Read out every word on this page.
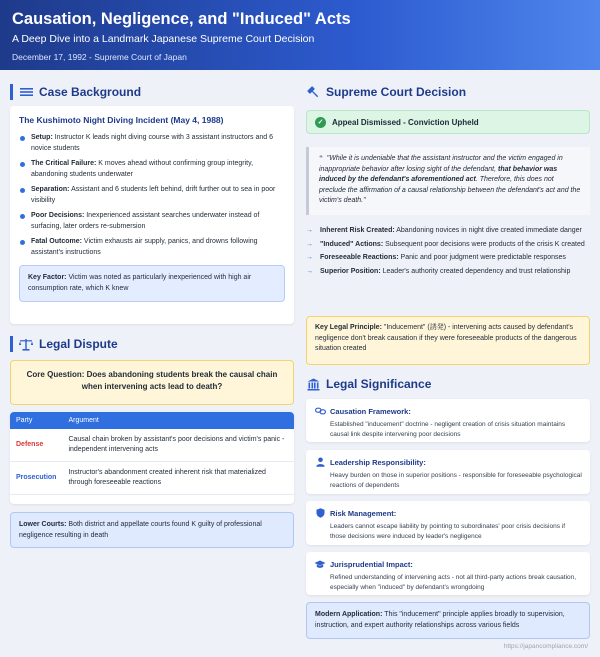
Causation, Negligence, and "Induced" Acts
A Deep Dive into a Landmark Japanese Supreme Court Decision
December 17, 1992 - Supreme Court of Japan
Case Background
The Kushimoto Night Diving Incident (May 4, 1988)
Setup: Instructor K leads night diving course with 3 assistant instructors and 6 novice students
The Critical Failure: K moves ahead without confirming group integrity, abandoning students underwater
Separation: Assistant and 6 students left behind, drift further out to sea in poor visibility
Poor Decisions: Inexperienced assistant searches underwater instead of surfacing, later orders re-submersion
Fatal Outcome: Victim exhausts air supply, panics, and drowns following assistant's instructions
Key Factor: Victim was noted as particularly inexperienced with high air consumption rate, which K knew
Legal Dispute
Core Question: Does abandoning students break the causal chain when intervening acts lead to death?
Party	Argument
Defense	Causal chain broken by assistant's poor decisions and victim's panic - independent intervening acts
Prosecution	Instructor's abandonment created inherent risk that materialized through foreseeable reactions
Lower Courts: Both district and appellate courts found K guilty of professional negligence resulting in death
Supreme Court Decision
✓	Appeal Dismissed - Conviction Upheld
❝ "While it is undeniable that the assistant instructor and the victim engaged in inappropriate behavior after losing sight of the defendant, that behavior was induced by the defendant's aforementioned act. Therefore, this does not preclude the affirmation of a causal relationship between the defendant's act and the victim's death."
→	Inherent Risk Created: Abandoning novices in night dive created immediate danger
→	"Induced" Actions: Subsequent poor decisions were products of the crisis K created
→	Foreseeable Reactions: Panic and poor judgment were predictable responses
→	Superior Position: Leader's authority created dependency and trust relationship
Key Legal Principle: "Inducement" (誘発) - intervening acts caused by defendant's negligence don't break causation if they were foreseeable products of the dangerous situation created
Legal Significance
Causation Framework:
Established "inducement" doctrine - negligent creation of crisis situation maintains causal link despite intervening poor decisions
Leadership Responsibility:
Heavy burden on those in superior positions - responsible for foreseeable psychological reactions of dependents
Risk Management:
Leaders cannot escape liability by pointing to subordinates' poor crisis decisions if those decisions were induced by leader's negligence
Jurisprudential Impact:
Refined understanding of intervening acts - not all third-party actions break causation, especially when "induced" by defendant's wrongdoing
Modern Application: This "inducement" principle applies broadly to supervision, instruction, and expert authority relationships across various fields
https://japancompliance.com/
